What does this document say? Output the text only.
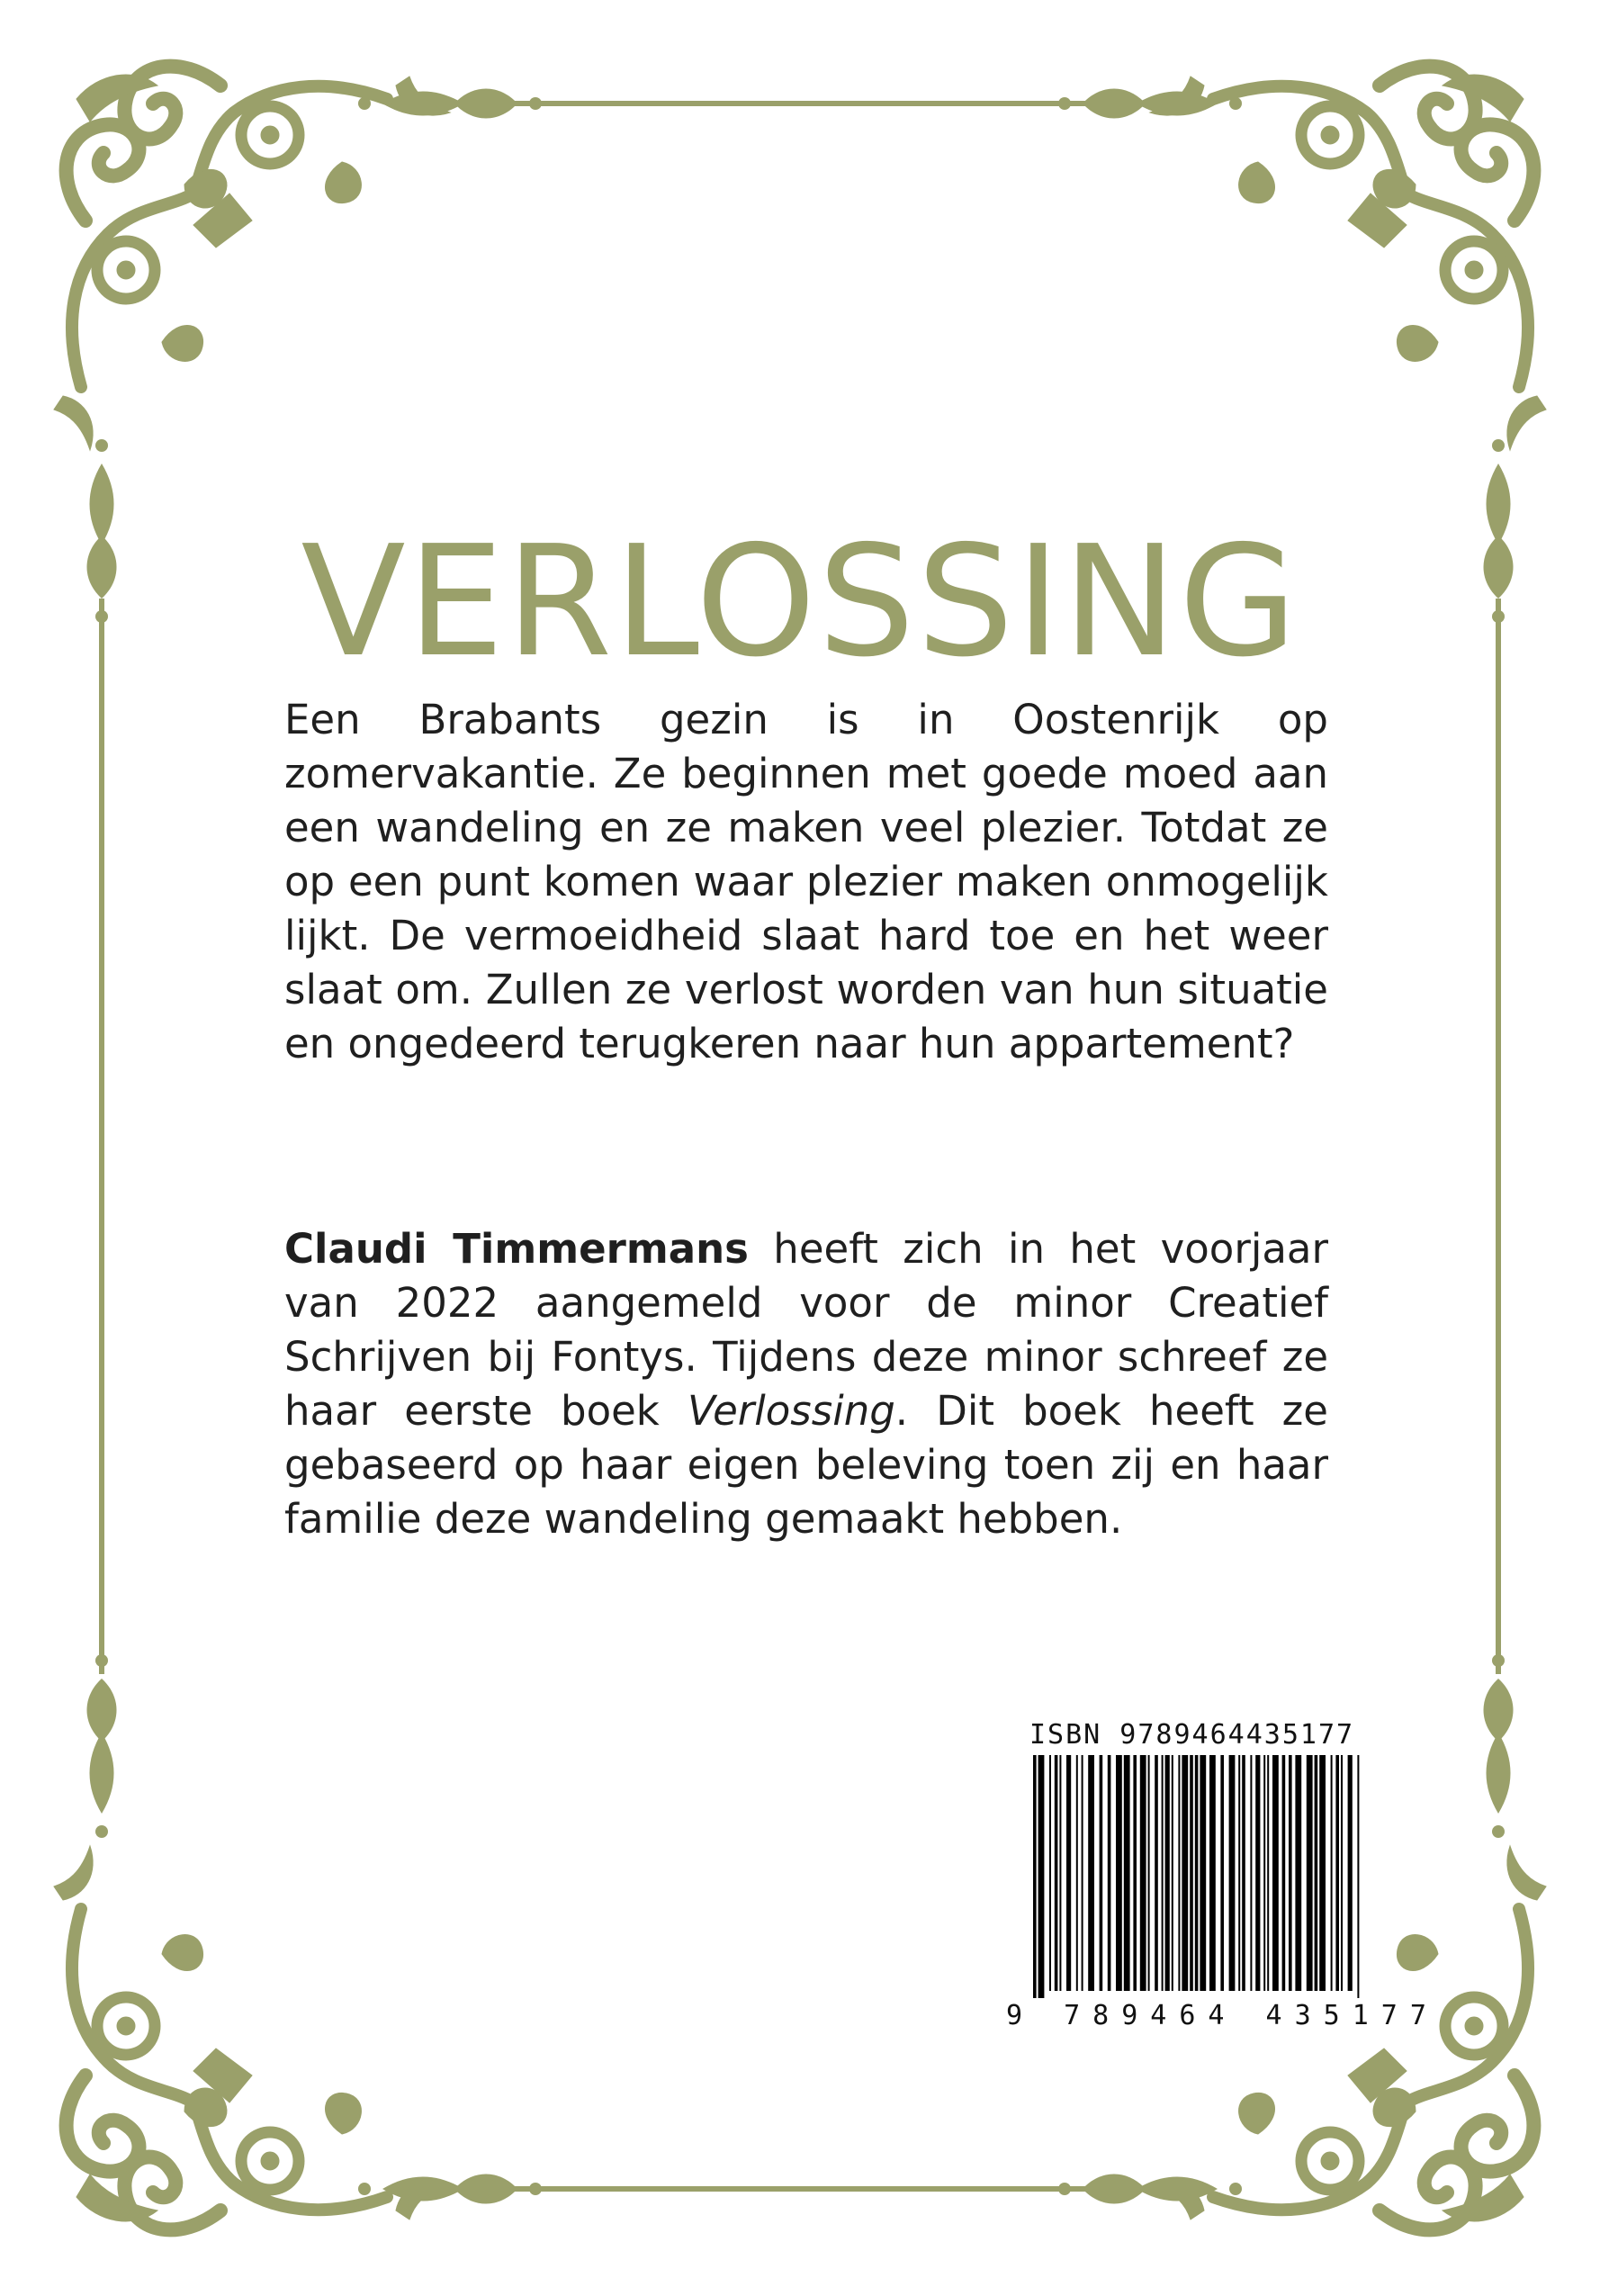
VERLOSSING

Een Brabants gezin is in Oostenrijk op zomervakantie. Ze beginnen met goede moed aan een wandeling en ze maken veel plezier. Totdat ze op een punt komen waar plezier maken onmogelijk lijkt. De vermoeidheid slaat hard toe en het weer slaat om. Zullen ze verlost worden van hun situatie en ongedeerd terugkeren naar hun appartement?

Claudi Timmermans heeft zich in het voorjaar van 2022 aangemeld voor de minor Creatief Schrijven bij Fontys. Tijdens deze minor schreef ze haar eerste boek Verlossing. Dit boek heeft ze gebaseerd op haar eigen beleving toen zij en haar familie deze wandeling gemaakt hebben.

ISBN 9789464435177
9 789464 435177
